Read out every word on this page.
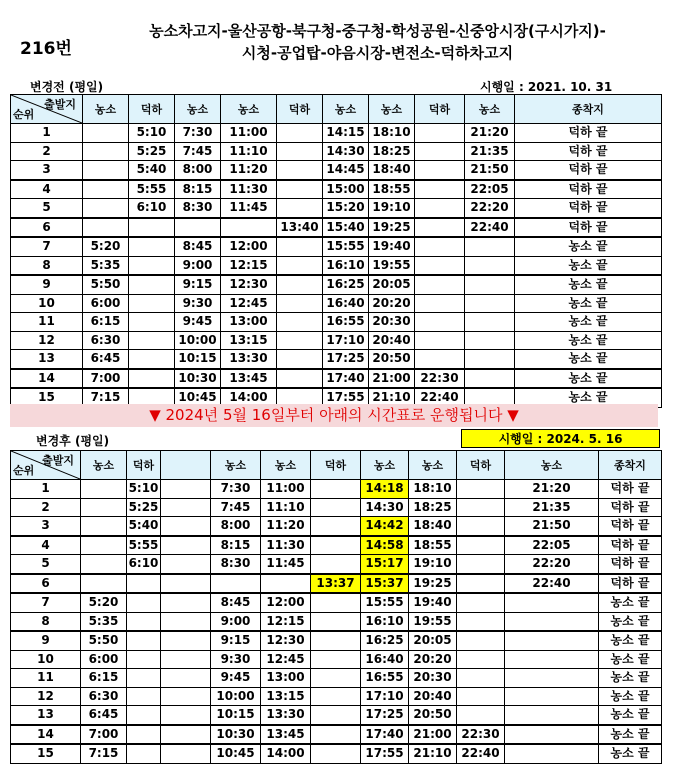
216번
농소차고지-울산공항-북구청-중구청-학성공원-신중앙시장(구시가지)-
시청-공업탑-야음시장-변전소-덕하차고지
변경전 (평일)	시행일 : 2021. 10. 31
출발지
순위	농소	덕하	농소	농소	덕하	농소	농소	덕하	농소	종착지
1		5:10	7:30	11:00		14:15	18:10		21:20	덕하 끝
2		5:25	7:45	11:10		14:30	18:25		21:35	덕하 끝
3		5:40	8:00	11:20		14:45	18:40		21:50	덕하 끝
4		5:55	8:15	11:30		15:00	18:55		22:05	덕하 끝
5		6:10	8:30	11:45		15:20	19:10		22:20	덕하 끝
6					13:40	15:40	19:25		22:40	덕하 끝
7	5:20		8:45	12:00		15:55	19:40			농소 끝
8	5:35		9:00	12:15		16:10	19:55			농소 끝
9	5:50		9:15	12:30		16:25	20:05			농소 끝
10	6:00		9:30	12:45		16:40	20:20			농소 끝
11	6:15		9:45	13:00		16:55	20:30			농소 끝
12	6:30		10:00	13:15		17:10	20:40			농소 끝
13	6:45		10:15	13:30		17:25	20:50			농소 끝
14	7:00		10:30	13:45		17:40	21:00	22:30		농소 끝
15	7:15		10:45	14:00		17:55	21:10	22:40		농소 끝
▼ 2024년 5월 16일부터 아래의 시간표로 운행됩니다 ▼
변경후 (평일)	시행일 : 2024. 5. 16
출발지
순위	농소	덕하		농소	농소	덕하	농소	농소	덕하	농소	종착지
1		5:10		7:30	11:00		14:18	18:10		21:20	덕하 끝
2		5:25		7:45	11:10		14:30	18:25		21:35	덕하 끝
3		5:40		8:00	11:20		14:42	18:40		21:50	덕하 끝
4		5:55		8:15	11:30		14:58	18:55		22:05	덕하 끝
5		6:10		8:30	11:45		15:17	19:10		22:20	덕하 끝
6						13:37	15:37	19:25		22:40	덕하 끝
7	5:20			8:45	12:00		15:55	19:40			농소 끝
8	5:35			9:00	12:15		16:10	19:55			농소 끝
9	5:50			9:15	12:30		16:25	20:05			농소 끝
10	6:00			9:30	12:45		16:40	20:20			농소 끝
11	6:15			9:45	13:00		16:55	20:30			농소 끝
12	6:30			10:00	13:15		17:10	20:40			농소 끝
13	6:45			10:15	13:30		17:25	20:50			농소 끝
14	7:00			10:30	13:45		17:40	21:00	22:30		농소 끝
15	7:15			10:45	14:00		17:55	21:10	22:40		농소 끝
